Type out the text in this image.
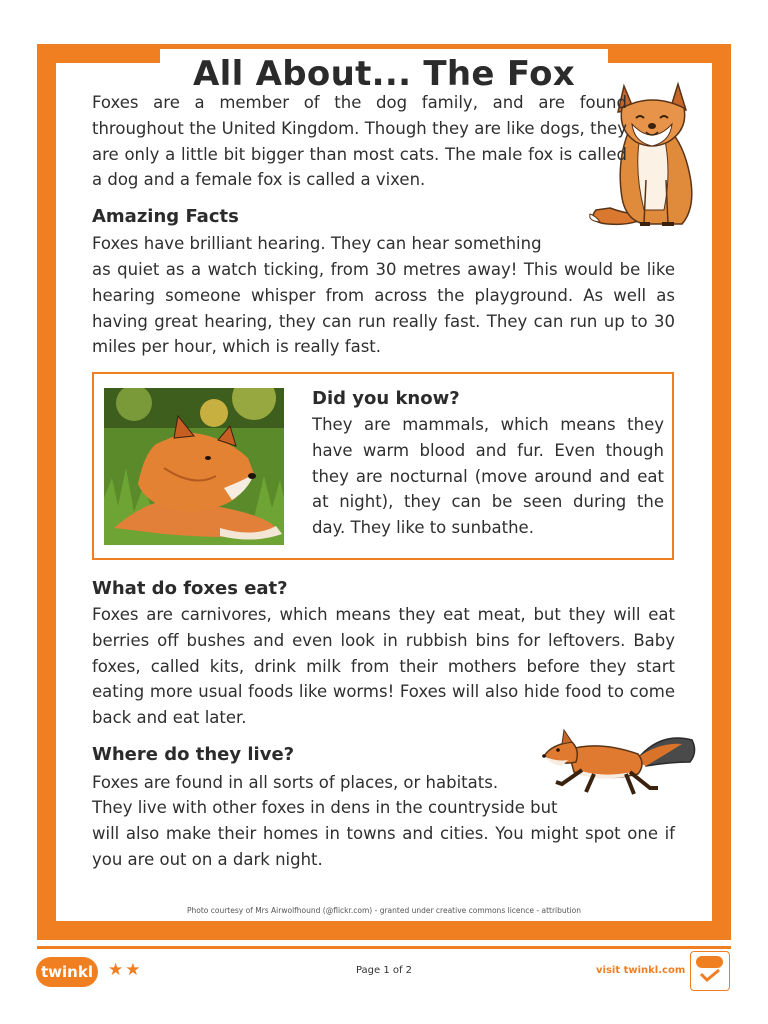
All About... The Fox

Foxes are a member of the dog family, and are found throughout the United Kingdom. Though they are like dogs, they are only a little bit bigger than most cats. The male fox is called a dog and a female fox is called a vixen.

Amazing Facts

Foxes have brilliant hearing. They can hear something

as quiet as a watch ticking, from 30 metres away! This would be like hearing someone whisper from across the playground. As well as having great hearing, they can run really fast. They can run up to 30 miles per hour, which is really fast.

Did you know?

They are mammals, which means they have warm blood and fur. Even though they are nocturnal (move around and eat at night), they can be seen during the day. They like to sunbathe.

What do foxes eat?

Foxes are carnivores, which means they eat meat, but they will eat berries off bushes and even look in rubbish bins for leftovers. Baby foxes, called kits, drink milk from their mothers before they start eating more usual foods like worms! Foxes will also hide food to come back and eat later.

Where do they live?

Foxes are found in all sorts of places, or habitats.

They live with other foxes in dens in the countryside but

will also make their homes in towns and cities. You might spot one if you are out on a dark night.

Photo courtesy of Mrs Airwolfhound (@flickr.com) - granted under creative commons licence - attribution
twinkl ★★	Page 1 of 2	visit twinkl.com
